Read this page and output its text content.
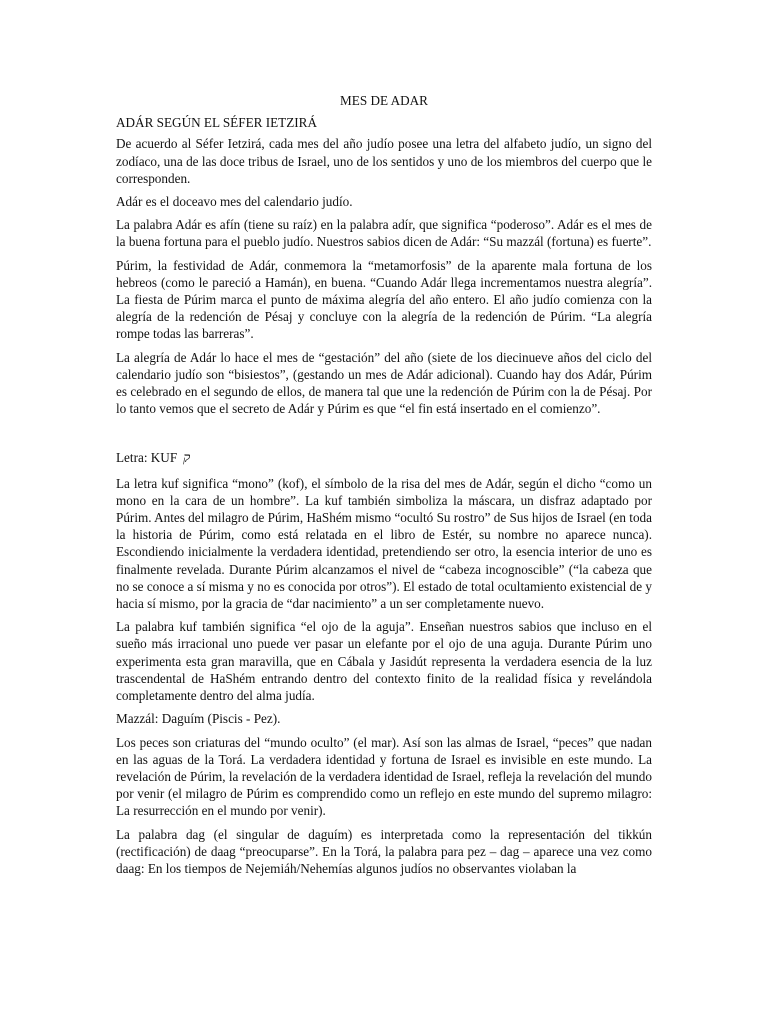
MES DE ADAR
ADÁR SEGÚN EL SÉFER IETZIRÁ
De acuerdo al Séfer Ietzirá, cada mes del año judío posee una letra del alfabeto judío, un signo del zodíaco, una de las doce tribus de Israel, uno de los sentidos y uno de los miembros del cuerpo que le corresponden.
Adár es el doceavo mes del calendario judío.
La palabra Adár es afín (tiene su raíz) en la palabra adír, que significa “poderoso”. Adár es el mes de la buena fortuna para el pueblo judío. Nuestros sabios dicen de Adár: “Su mazzál (fortuna) es fuerte”.
Púrim, la festividad de Adár, conmemora la “metamorfosis” de la aparente mala fortuna de los hebreos (como le pareció a Hamán), en buena. “Cuando Adár llega incrementamos nuestra alegría”. La fiesta de Púrim marca el punto de máxima alegría del año entero. El año judío comienza con la alegría de la redención de Pésaj y concluye con la alegría de la redención de Púrim. “La alegría rompe todas las barreras”.
La alegría de Adár lo hace el mes de “gestación” del año (siete de los diecinueve años del ciclo del calendario judío son “bisiestos”, (gestando un mes de Adár adicional). Cuando hay dos Adár, Púrim es celebrado en el segundo de ellos, de manera tal que une la redención de Púrim con la de Pésaj. Por lo tanto vemos que el secreto de Adár y Púrim es que “el fin está insertado en el comienzo”.
Letra: KUF ק
La letra kuf significa “mono” (kof), el símbolo de la risa del mes de Adár, según el dicho “como un mono en la cara de un hombre”. La kuf también simboliza la máscara, un disfraz adaptado por Púrim. Antes del milagro de Púrim, HaShém mismo “ocultó Su rostro” de Sus hijos de Israel (en toda la historia de Púrim, como está relatada en el libro de Estér, su nombre no aparece nunca). Escondiendo inicialmente la verdadera identidad, pretendiendo ser otro, la esencia interior de uno es finalmente revelada. Durante Púrim alcanzamos el nivel de “cabeza incognoscible” (“la cabeza que no se conoce a sí misma y no es conocida por otros”). El estado de total ocultamiento existencial de y hacia sí mismo, por la gracia de “dar nacimiento” a un ser completamente nuevo.
La palabra kuf también significa “el ojo de la aguja”. Enseñan nuestros sabios que incluso en el sueño más irracional uno puede ver pasar un elefante por el ojo de una aguja. Durante Púrim uno experimenta esta gran maravilla, que en Cábala y Jasidút representa la verdadera esencia de la luz trascendental de HaShém entrando dentro del contexto finito de la realidad física y revelándola completamente dentro del alma judía.
Mazzál: Daguím (Piscis - Pez).
Los peces son criaturas del “mundo oculto” (el mar). Así son las almas de Israel, “peces” que nadan en las aguas de la Torá. La verdadera identidad y fortuna de Israel es invisible en este mundo. La revelación de Púrim, la revelación de la verdadera identidad de Israel, refleja la revelación del mundo por venir (el milagro de Púrim es comprendido como un reflejo en este mundo del supremo milagro: La resurrección en el mundo por venir).
La palabra dag (el singular de daguím) es interpretada como la representación del tikkún (rectificación) de daag “preocuparse”. En la Torá, la palabra para pez – dag – aparece una vez como daag: En los tiempos de Nejemiáh/Nehemías algunos judíos no observantes violaban la
